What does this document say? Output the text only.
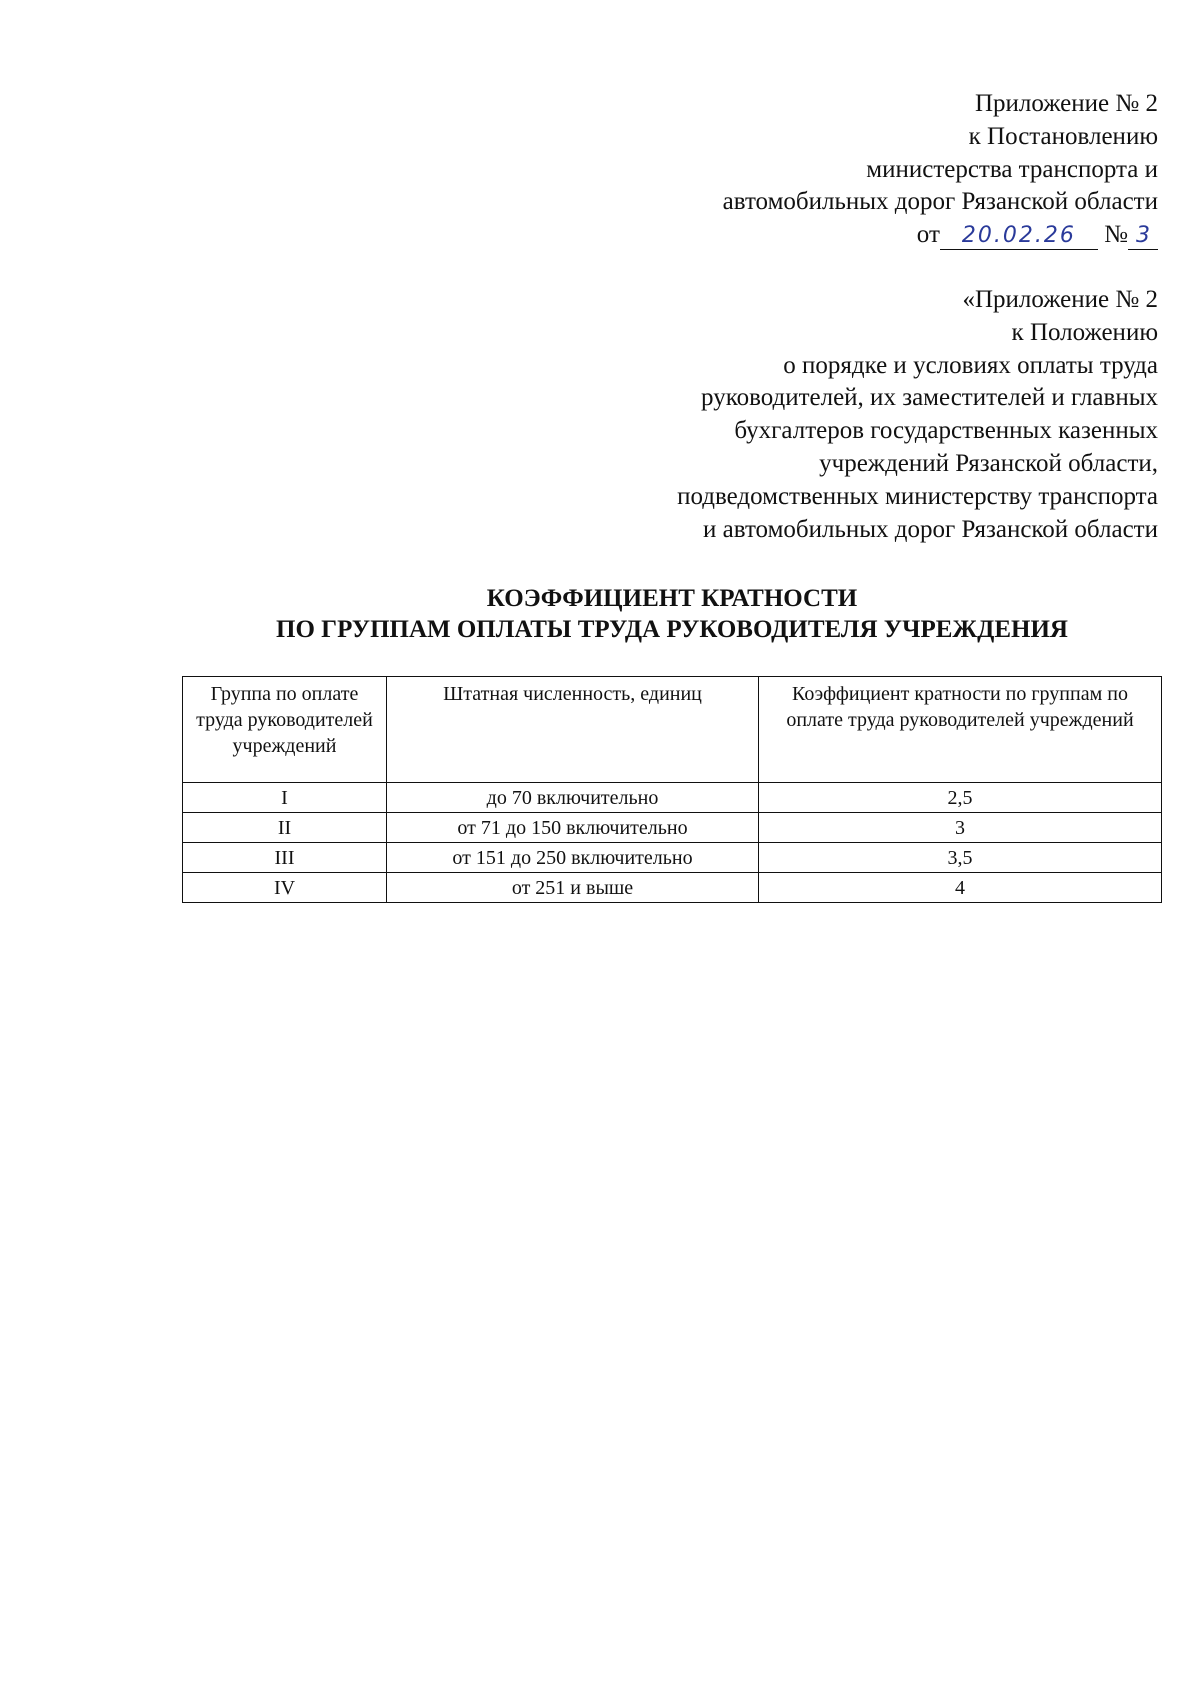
Приложение № 2
к Постановлению
министерства транспорта и
автомобильных дорог Рязанской области
от 20.02.26 № 3
«Приложение № 2
к Положению
о порядке и условиях оплаты труда
руководителей, их заместителей и главных
бухгалтеров государственных казенных
учреждений Рязанской области,
подведомственных министерству транспорта
и автомобильных дорог Рязанской области
КОЭФФИЦИЕНТ КРАТНОСТИ
ПО ГРУППАМ ОПЛАТЫ ТРУДА РУКОВОДИТЕЛЯ УЧРЕЖДЕНИЯ
Группа по оплате труда руководителей учреждений	Штатная численность, единиц	Коэффициент кратности по группам по оплате труда руководителей учреждений
I	до 70 включительно	2,5
II	от 71 до 150 включительно	3
III	от 151 до 250 включительно	3,5
IV	от 251 и выше	4
